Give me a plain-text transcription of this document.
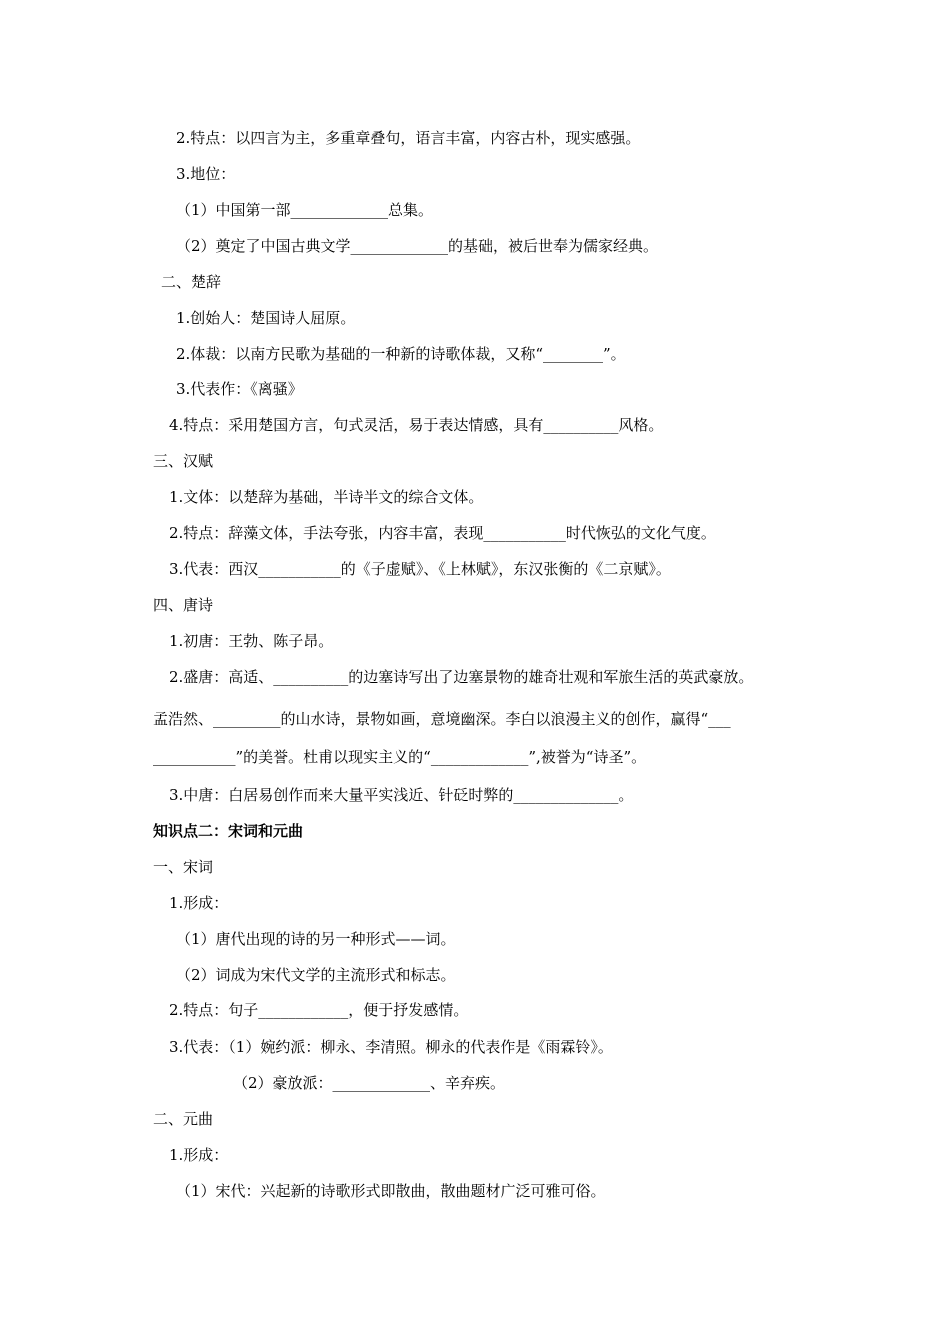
2.特点：以四言为主，多重章叠句，语言丰富，内容古朴，现实感强。
3.地位：
（1）中国第一部_____________总集。
（2）奠定了中国古典文学_____________的基础，被后世奉为儒家经典。
二、楚辞
1.创始人：楚国诗人屈原。
2.体裁：以南方民歌为基础的一种新的诗歌体裁，又称“________”。
3.代表作：《离骚》
4.特点：采用楚国方言，句式灵活，易于表达情感，具有__________风格。
三、汉赋
1.文体：以楚辞为基础，半诗半文的综合文体。
2.特点：辞藻文体，手法夸张，内容丰富，表现___________时代恢弘的文化气度。
3.代表：西汉___________的《子虚赋》、《上林赋》，东汉张衡的《二京赋》。
四、唐诗
1.初唐：王勃、陈子昂。
2.盛唐：高适、__________的边塞诗写出了边塞景物的雄奇壮观和军旅生活的英武豪放。
孟浩然、_________的山水诗，景物如画，意境幽深。李白以浪漫主义的创作，赢得“___
___________”的美誉。杜甫以现实主义的“_____________”,被誉为“诗圣”。
3.中唐：白居易创作而来大量平实浅近、针砭时弊的______________。
知识点二：宋词和元曲
一、宋词
1.形成：
（1）唐代出现的诗的另一种形式——词。
（2）词成为宋代文学的主流形式和标志。
2.特点：句子____________，便于抒发感情。
3.代表：（1）婉约派：柳永、李清照。柳永的代表作是《雨霖铃》。
（2）豪放派：_____________、辛弃疾。
二、元曲
1.形成：
（1）宋代：兴起新的诗歌形式即散曲，散曲题材广泛可雅可俗。
